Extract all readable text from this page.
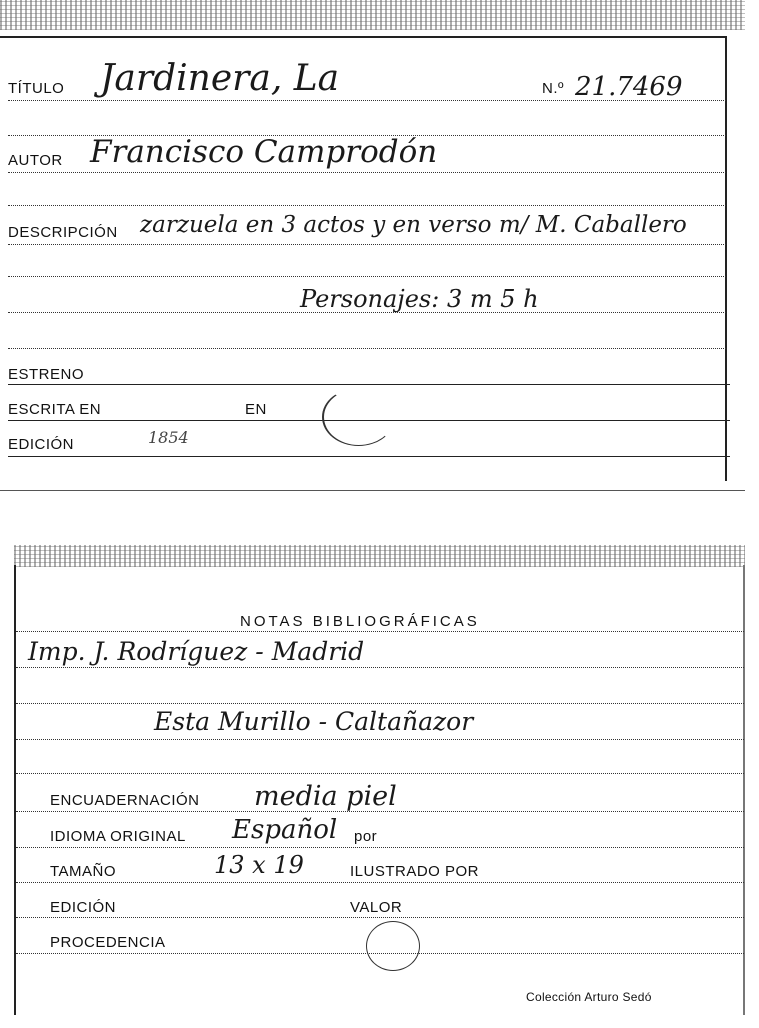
TÍTULO Jardinera, La	N.º 21.7469
AUTOR Francisco Camprodón
DESCRIPCIÓN zarzuela en 3 actos y en verso m/ M. Caballero
Personajes: 3 m 5 h
ESTRENO
ESCRITA EN	EN
EDICIÓN	1854
NOTAS BIBLIOGRÁFICAS
Imp. J. Rodríguez - Madrid
Esta Murillo - Caltañazor
ENCUADERNACIÓN media piel
IDIOMA ORIGINAL Español por
TAMAÑO	13 x 19	ILUSTRADO POR
EDICIÓN	VALOR
PROCEDENCIA
Colección Arturo Sedó
